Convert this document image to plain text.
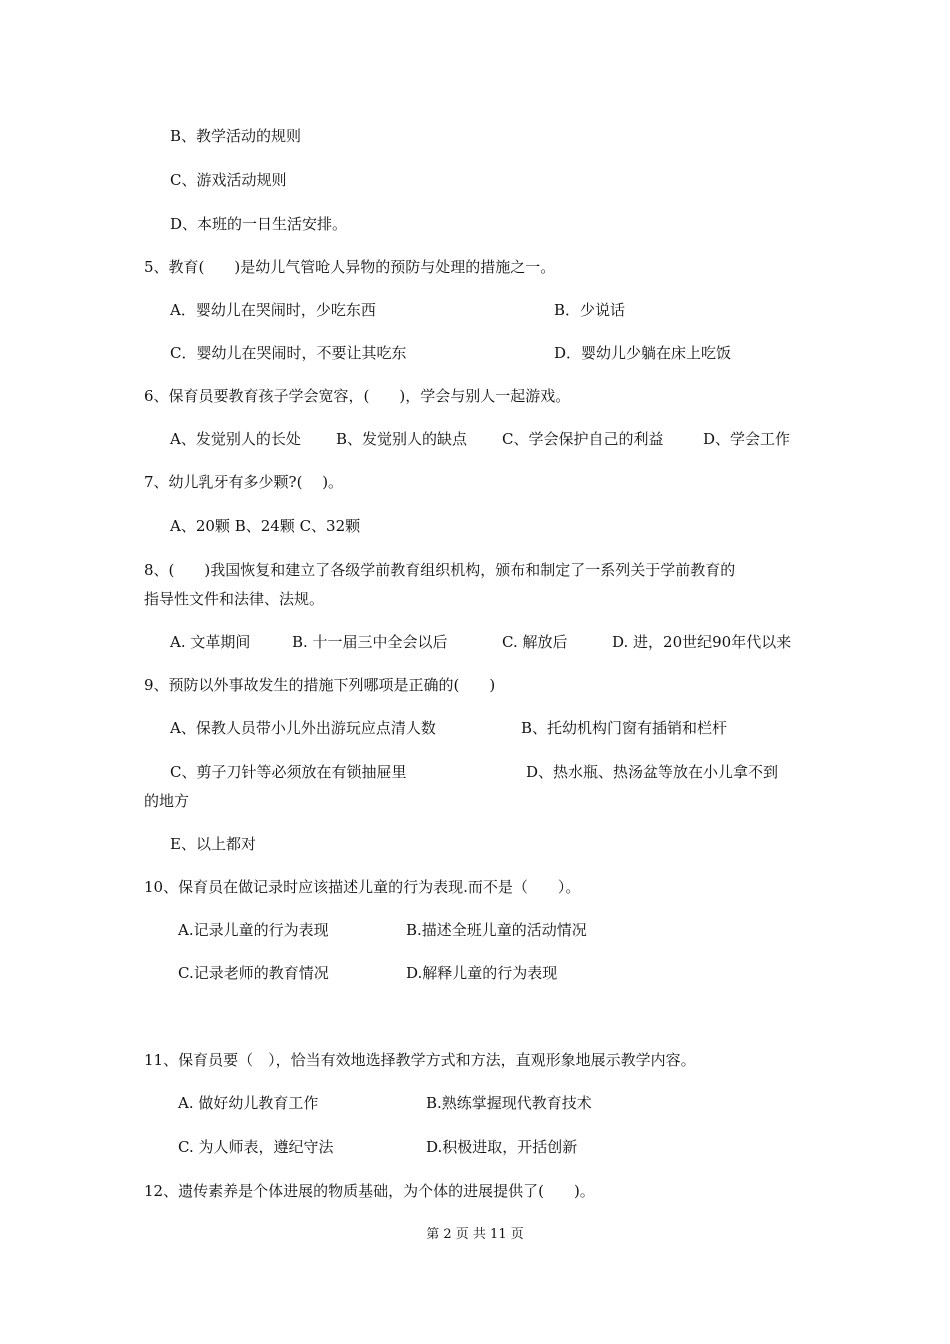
B、教学活动的规则
C、游戏活动规则
D、本班的一日生活安排。
5、教育(　　)是幼儿气管呛人异物的预防与处理的措施之一。
A．婴幼儿在哭闹时，少吃东西	B．少说话
C．婴幼儿在哭闹时，不要让其吃东	D．婴幼儿少躺在床上吃饭
6、保育员要教育孩子学会宽容，(　　)，学会与别人一起游戏。
A、发觉别人的长处 B、发觉别人的缺点 C、学会保护自己的利益	D、学会工作
7、幼儿乳牙有多少颗?(　 )。
A、20颗 B、24颗 C、32颗
8、(　　)我国恢复和建立了各级学前教育组织机构，颁布和制定了一系列关于学前教育的
指导性文件和法律、法规。
A. 文革期间	B. 十一届三中全会以后	C. 解放后	D. 进，20世纪90年代以来
9、预防以外事故发生的措施下列哪项是正确的(　　)
A、保教人员带小儿外出游玩应点清人数	B、托幼机构门窗有插销和栏杆
C、剪子刀针等必须放在有锁抽屉里	D、热水瓶、热汤盆等放在小儿拿不到
的地方
E、以上都对
10、保育员在做记录时应该描述儿童的行为表现.而不是（　　）。
A.记录儿童的行为表现	B.描述全班儿童的活动情况
C.记录老师的教育情况	D.解释儿童的行为表现
11、保育员要（　），恰当有效地选择教学方式和方法，直观形象地展示教学内容。
A. 做好幼儿教育工作	B.熟练掌握现代教育技术
C. 为人师表，遵纪守法	D.积极进取，开括创新
12、遗传素养是个体进展的物质基础，为个体的进展提供了(　　)。
第 2 页 共 11 页
